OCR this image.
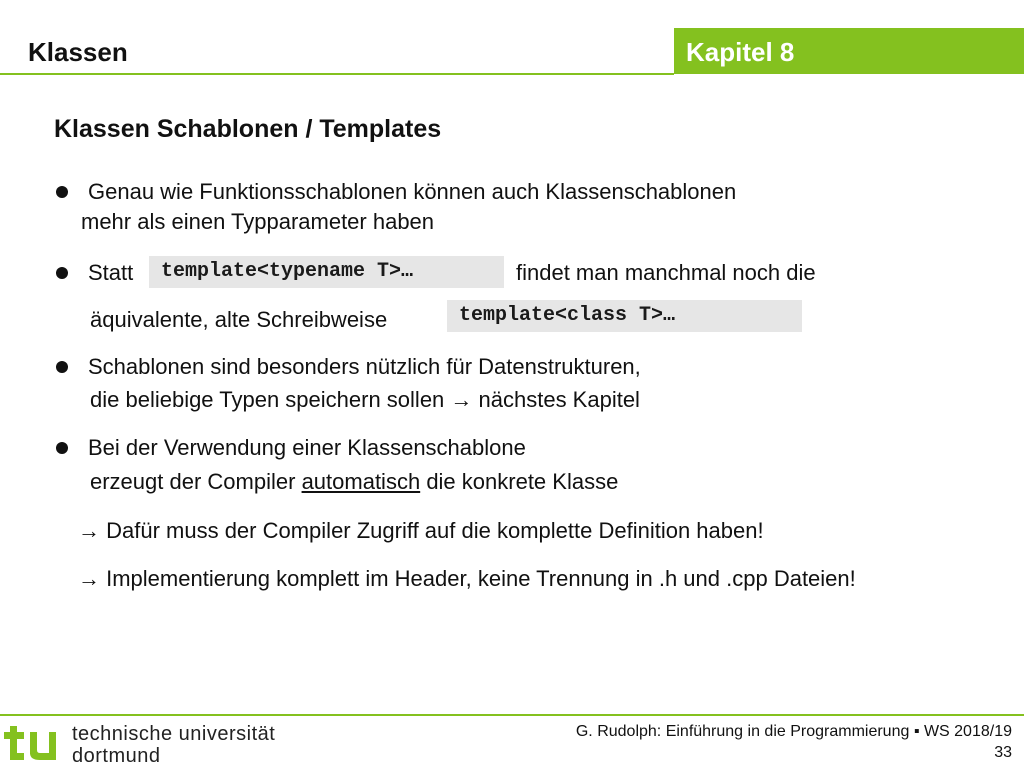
Klassen	Kapitel 8
Klassen Schablonen / Templates
Genau wie Funktionsschablonen können auch Klassenschablonen
mehr als einen Typparameter haben
Statt	template<typename T>…	findet man manchmal noch die
äquivalente, alte Schreibweise	template<class T>…
Schablonen sind besonders nützlich für Datenstrukturen,
die beliebige Typen speichern sollen → nächstes Kapitel
Bei der Verwendung einer Klassenschablone
erzeugt der Compiler automatisch die konkrete Klasse
→ Dafür muss der Compiler Zugriff auf die komplette Definition haben!
→ Implementierung komplett im Header, keine Trennung in .h und .cpp Dateien!
technische universität
dortmund
G. Rudolph: Einführung in die Programmierung ▪ WS 2018/19
33
